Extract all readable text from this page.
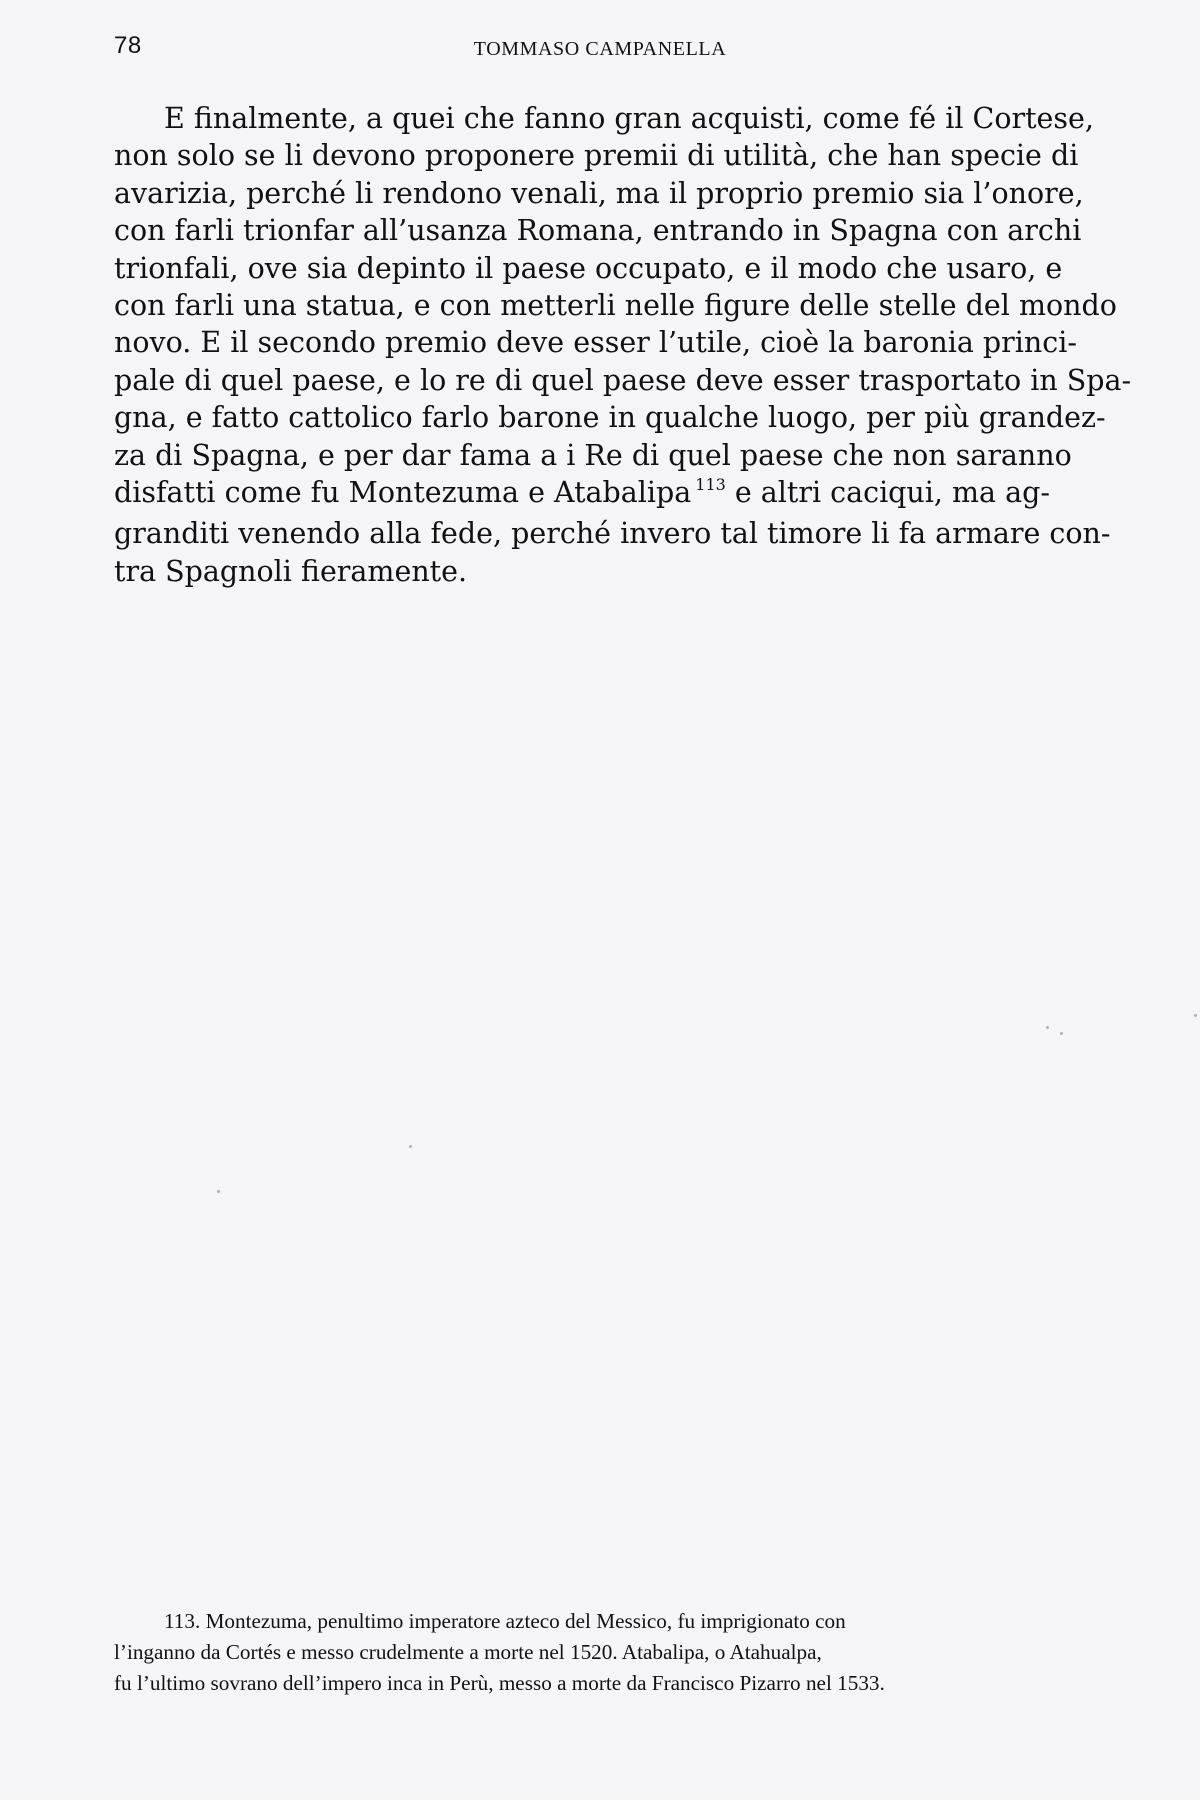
78	TOMMASO CAMPANELLA
E finalmente, a quei che fanno gran acquisti, come fé il Cortese,
non solo se li devono proponere premii di utilità, che han specie di
avarizia, perché li rendono venali, ma il proprio premio sia l’onore,
con farli trionfar all’usanza Romana, entrando in Spagna con archi
trionfali, ove sia depinto il paese occupato, e il modo che usaro, e
con farli una statua, e con metterli nelle figure delle stelle del mondo
novo. E il secondo premio deve esser l’utile, cioè la baronia princi-
pale di quel paese, e lo re di quel paese deve esser trasportato in Spa-
gna, e fatto cattolico farlo barone in qualche luogo, per più grandez-
za di Spagna, e per dar fama a i Re di quel paese che non saranno
disfatti come fu Montezuma e Atabalipa $^{113}$ e altri caciqui, ma ag-
granditi venendo alla fede, perché invero tal timore li fa armare con-
tra Spagnoli fieramente.
113. Montezuma, penultimo imperatore azteco del Messico, fu imprigionato con
l’inganno da Cortés e messo crudelmente a morte nel 1520. Atabalipa, o Atahualpa,
fu l’ultimo sovrano dell’impero inca in Perù, messo a morte da Francisco Pizarro nel 1533.
